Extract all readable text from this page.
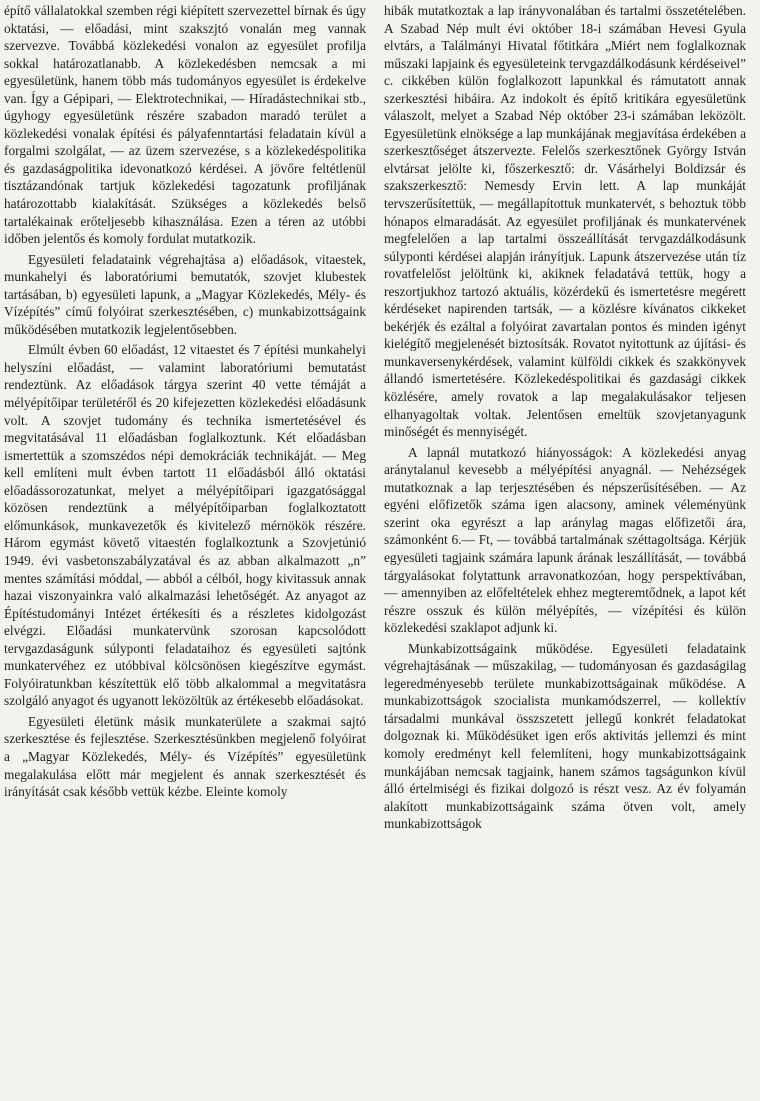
építő vállalatokkal szemben régi kiépített szervezettel bírnak és úgy oktatási, — előadási, mint szakszjtó vonalán meg vannak szervezve. Továbbá közlekedési vonalon az egyesület profilja sokkal határozatlanabb. A közlekedésben nemcsak a mi egyesületünk, hanem több más tudományos egyesület is érdekelve van. Így a Gépipari, — Elektrotechnikai, — Híradástechnikai stb., úgyhogy egyesületünk részére szabadon maradó terület a közlekedési vonalak építési és pályafenntartási feladatain kívül a forgalmi szolgálat, — az üzem szervezése, s a közlekedéspolitika és gazdaságpolitika idevonatkozó kérdései. A jövőre feltétlenül tisztázandónak tartjuk közlekedési tagozatunk profiljának határozottabb kialakítását. Szükséges a közlekedés belső tartalékainak erőteljesebb kihasználása. Ezen a téren az utóbbi időben jelentős és komoly fordulat mutatkozik.

Egyesületi feladataink végrehajtása a) előadások, vitaestek, munkahelyi és laboratóriumi bemutatók, szovjet klubestek tartásában, b) egyesületi lapunk, a „Magyar Közlekedés, Mély- és Vízépítés” című folyóirat szerkesztésében, c) munkabizottságaink működésében mutatkozik legjelentősebben.

Elmúlt évben 60 előadást, 12 vitaestet és 7 építési munkahelyi helyszíni előadást, — valamint laboratóriumi bemutatást rendeztünk. Az előadások tárgya szerint 40 vette témáját a mélyépítőipar területéről és 20 kifejezetten közlekedési előadásunk volt. A szovjet tudomány és technika ismertetésével és megvitatásával 11 előadásban foglalkoztunk. Két előadásban ismertettük a szomszédos népi demokráciák technikáját. — Meg kell említeni mult évben tartott 11 előadásból álló oktatási előadássorozatunkat, melyet a mélyépítőipari igazgatósággal közösen rendeztünk a mélyépítőiparban foglalkoztatott előmunkások, munkavezetők és kivitelező mérnökök részére. Három egymást követő vitaestén foglalkoztunk a Szovjetúnió 1949. évi vasbetonszabályzatával és az abban alkalmazott „n” mentes számítási móddal, — abból a célból, hogy kivitassuk annak hazai viszonyainkra való alkalmazási lehetőségét. Az anyagot az Építéstudományi Intézet értékesíti és a részletes kidolgozást elvégzi. Előadási munkatervünk szorosan kapcsolódott tervgazdaságunk súlyponti feladataihoz és egyesületi sajtónk munkatervéhez ez utóbbival kölcsönösen kiegészítve egymást. Folyóiratunkban készítettük elő több alkalommal a megvitatásra szolgáló anyagot és ugyanott leközöltük az értékesebb előadásokat.

Egyesületi életünk másik munkaterülete a szakmai sajtó szerkesztése és fejlesztése. Szerkesztésünkben megjelenő folyóirat a „Magyar Közlekedés, Mély- és Vízépítés” egyesületünk megalakulása előtt már megjelent és annak szerkesztését és irányítását csak később vettük kézbe. Eleinte komoly

hibák mutatkoztak a lap irányvonalában és tartalmi összetételében. A Szabad Nép mult évi október 18-i számában Hevesi Gyula elvtárs, a Találmányi Hivatal főtitkára „Miért nem foglalkoznak műszaki lapjaink és egyesületeink tervgazdálkodásunk kérdéseivel” c. cikkében külön foglalkozott lapunkkal és rámutatott annak szerkesztési hibáira. Az indokolt és építő kritikára egyesületünk válaszolt, melyet a Szabad Nép október 23-i számában leközölt. Egyesületünk elnöksége a lap munkájának megjavítása érdekében a szerkesztőséget átszervezte. Felelős szerkesztőnek György István elvtársat jelölte ki, főszerkesztő: dr. Vásárhelyi Boldizsár és szakszerkesztő: Nemesdy Ervin lett. A lap munkáját tervszerűsítettük, — megállapítottuk munkatervét, s behoztuk több hónapos elmaradását. Az egyesület profiljának és munkatervének megfelelően a lap tartalmi összeállítását tervgazdálkodásunk súlyponti kérdései alapján irányítjuk. Lapunk átszervezése után tíz rovatfelelőst jelöltünk ki, akiknek feladatává tettük, hogy a reszortjukhoz tartozó aktuális, közérdekű és ismertetésre megérett kérdéseket napirenden tartsák, — a közlésre kívánatos cikkeket bekérjék és ezáltal a folyóirat zavartalan pontos és minden igényt kielégítő megjelenését biztosítsák. Rovatot nyitottunk az újítási- és munkaversenykérdések, valamint külföldi cikkek és szakkönyvek állandó ismertetésére. Közlekedéspolitikai és gazdasági cikkek közlésére, amely rovatok a lap megalakulásakor teljesen elhanyagoltak voltak. Jelentősen emeltük szovjetanyagunk minőségét és mennyiségét.

A lapnál mutatkozó hiányosságok: A közlekedési anyag aránytalanul kevesebb a mélyépítési anyagnál. — Nehézségek mutatkoznak a lap terjesztésében és népszerűsítésében. — Az egyéni előfizetők száma igen alacsony, aminek véleményünk szerint oka egyrészt a lap aránylag magas előfizetői ára, számonként 6.— Ft, — továbbá tartalmának széttagoltsága. Kérjük egyesületi tagjaink számára lapunk árának leszállítását, — továbbá tárgyalásokat folytattunk arravonatkozóan, hogy perspektívában, — amennyiben az előfeltételek ehhez megteremtődnek, a lapot két részre osszuk és külön mélyépítés, — vízépítési és külön közlekedési szaklapot adjunk ki.

Munkabizottságaink működése. Egyesületi feladataink végrehajtásának — műszakilag, — tudományosan és gazdaságilag legeredményesebb területe munkabizottságainak működése. A munkabizottságok szocialista munkamódszerrel, — kollektív társadalmi munkával összszetett jellegű konkrét feladatokat dolgoznak ki. Működésüket igen erős aktivitás jellemzi és mint komoly eredményt kell felemlíteni, hogy munkabizottságaink munkájában nemcsak tagjaink, hanem számos tagságunkon kívül álló értelmiségi és fizikai dolgozó is részt vesz. Az év folyamán alakított munkabizottságaink száma ötven volt, amely munkabizottságok
